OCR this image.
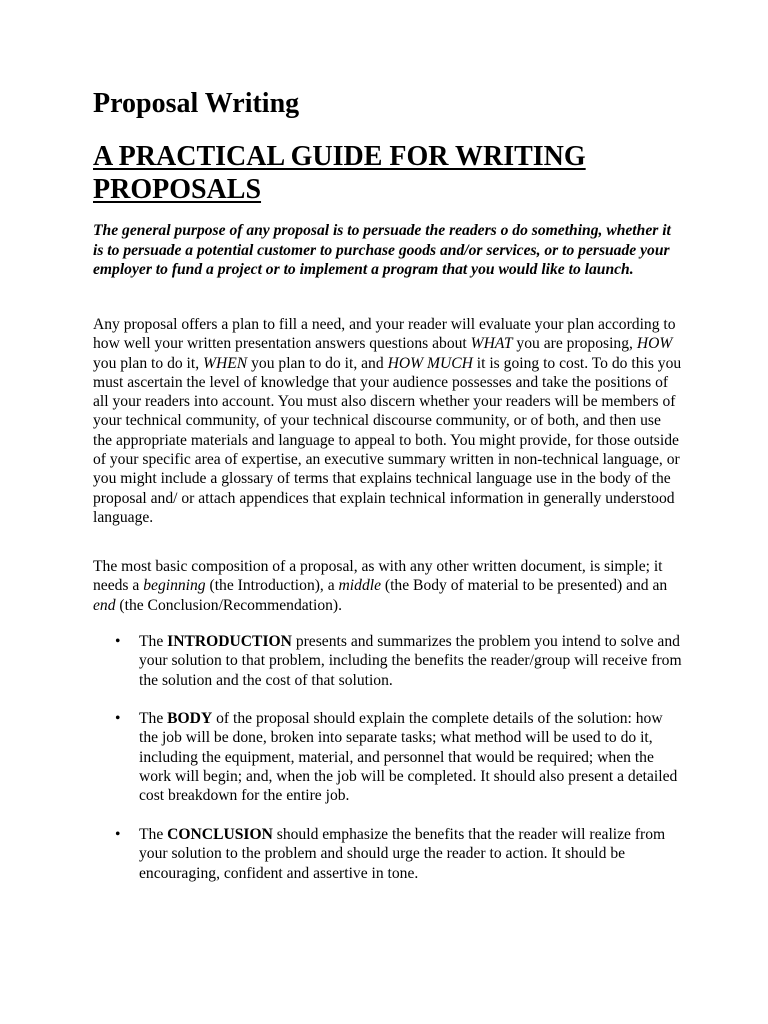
Proposal Writing
A PRACTICAL GUIDE FOR WRITING PROPOSALS

The general purpose of any proposal is to persuade the readers o do something, whether it is to persuade a potential customer to purchase goods and/or services, or to persuade your employer to fund a project or to implement a program that you would like to launch.

Any proposal offers a plan to fill a need, and your reader will evaluate your plan according to how well your written presentation answers questions about WHAT you are proposing, HOW you plan to do it, WHEN you plan to do it, and HOW MUCH it is going to cost. To do this you must ascertain the level of knowledge that your audience possesses and take the positions of all your readers into account. You must also discern whether your readers will be members of your technical community, of your technical discourse community, or of both, and then use the appropriate materials and language to appeal to both. You might provide, for those outside of your specific area of expertise, an executive summary written in non-technical language, or you might include a glossary of terms that explains technical language use in the body of the proposal and/ or attach appendices that explain technical information in generally understood language.

The most basic composition of a proposal, as with any other written document, is simple; it needs a beginning (the Introduction), a middle (the Body of material to be presented) and an end (the Conclusion/Recommendation).

• The INTRODUCTION presents and summarizes the problem you intend to solve and your solution to that problem, including the benefits the reader/group will receive from the solution and the cost of that solution.
• The BODY of the proposal should explain the complete details of the solution: how the job will be done, broken into separate tasks; what method will be used to do it, including the equipment, material, and personnel that would be required; when the work will begin; and, when the job will be completed. It should also present a detailed cost breakdown for the entire job.
• The CONCLUSION should emphasize the benefits that the reader will realize from your solution to the problem and should urge the reader to action. It should be encouraging, confident and assertive in tone.
